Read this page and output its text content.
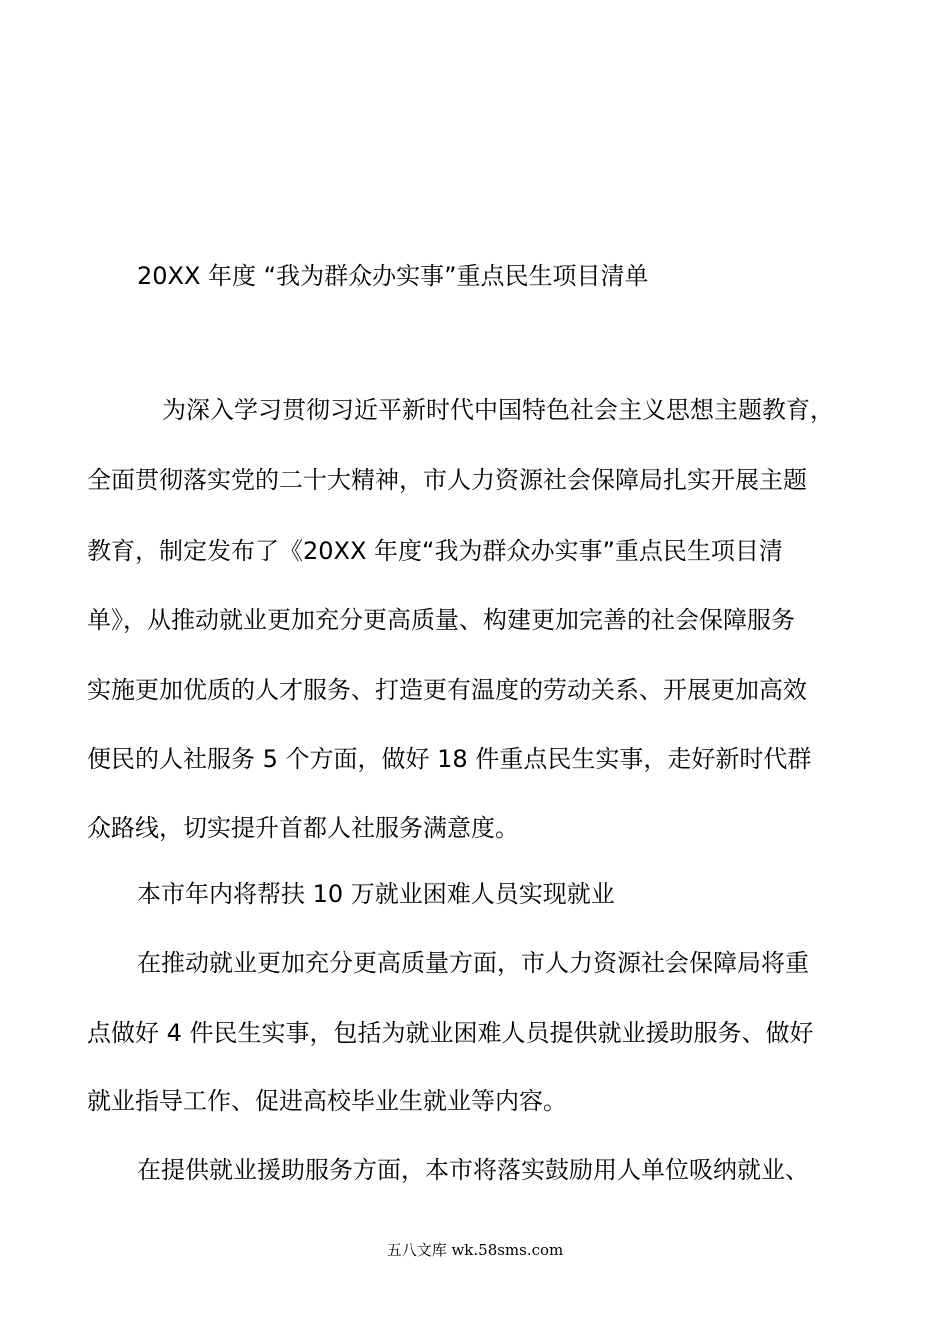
20XX 年度 “我为群众办实事”重点民生项目清单

为深入学习贯彻习近平新时代中国特色社会主义思想主题教育，

全面贯彻落实党的二十大精神，市人力资源社会保障局扎实开展主题

教育，制定发布了《20XX 年度“我为群众办实事”重点民生项目清

单》，从推动就业更加充分更高质量、构建更加完善的社会保障服务

实施更加优质的人才服务、打造更有温度的劳动关系、开展更加高效

便民的人社服务 5 个方面，做好 18 件重点民生实事，走好新时代群

众路线，切实提升首都人社服务满意度。

本市年内将帮扶 10 万就业困难人员实现就业

在推动就业更加充分更高质量方面，市人力资源社会保障局将重

点做好 4 件民生实事，包括为就业困难人员提供就业援助服务、做好

就业指导工作、促进高校毕业生就业等内容。

在提供就业援助服务方面，本市将落实鼓励用人单位吸纳就业、

五八文库 wk.58sms.com
